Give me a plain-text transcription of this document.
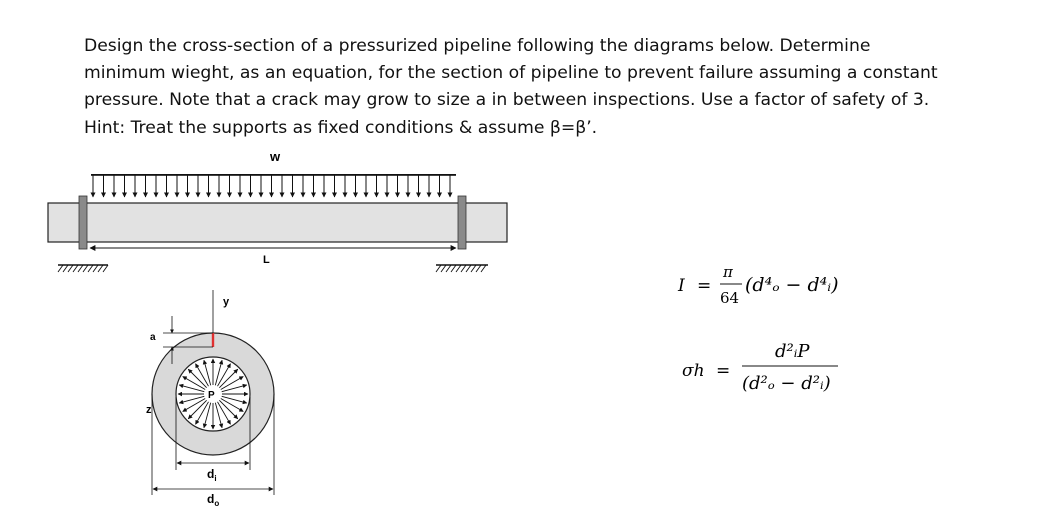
Design the cross-section of a pressurized pipeline following the diagrams below. Determine
minimum wieght, as an equation, for the section of pipeline to prevent failure assuming a constant
pressure. Note that a crack may grow to size a in between inspections. Use a factor of safety of 3.
Hint: Treat the supports as fixed conditions & assume β=β’.
w
L
y
z
P
a
$d_i$
$d_o$
I =
π
64
(d⁴ₒ − d⁴ᵢ)
σh =
d²ᵢP
(d²ₒ − d²ᵢ)
